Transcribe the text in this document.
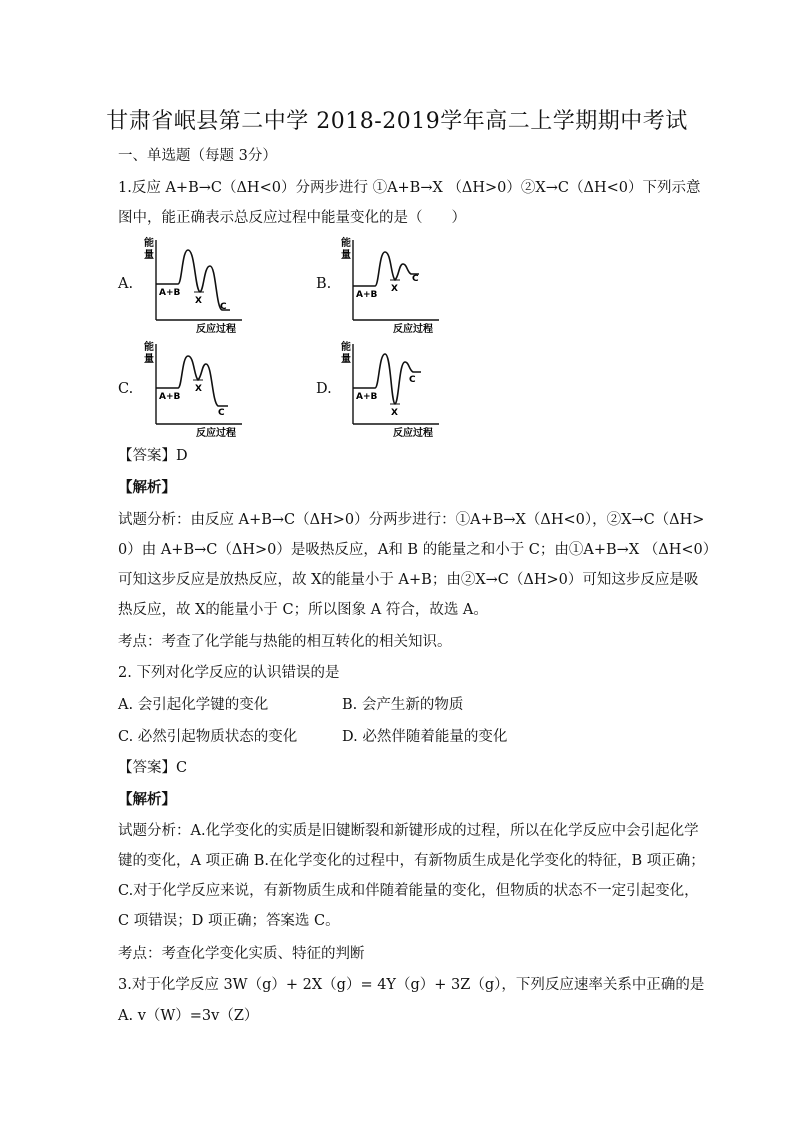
甘肃省岷县第二中学 2018-2019学年高二上学期期中考试
一、单选题（每题 3分）
1.反应 A+B→C（ΔH<0）分两步进行 ①A+B→X （ΔH>0）②X→C（ΔH<0）下列示意
图中，能正确表示总反应过程中能量变化的是（　　）
A.	B.
C.	D.
能
量
A+B
X
C
反应过程
能
量
A+B
X
C
反应过程
能
量
A+B
X
C
反应过程
能
量
A+B
X
C
反应过程
【答案】D
【解析】
试题分析：由反应 A+B→C（ΔH>0）分两步进行：①A+B→X（ΔH<0），②X→C（ΔH>
0）由 A+B→C（ΔH>0）是吸热反应，A和 B 的能量之和小于 C；由①A+B→X （ΔH<0）
可知这步反应是放热反应，故 X的能量小于 A+B；由②X→C（ΔH>0）可知这步反应是吸
热反应，故 X的能量小于 C；所以图象 A 符合，故选 A。
考点：考查了化学能与热能的相互转化的相关知识。
2. 下列对化学反应的认识错误的是
A. 会引起化学键的变化	B. 会产生新的物质
C. 必然引起物质状态的变化	D. 必然伴随着能量的变化
【答案】C
【解析】
试题分析：A.化学变化的实质是旧键断裂和新键形成的过程，所以在化学反应中会引起化学
键的变化，A 项正确 B.在化学变化的过程中，有新物质生成是化学变化的特征，B 项正确；
C.对于化学反应来说，有新物质生成和伴随着能量的变化，但物质的状态不一定引起变化，
C 项错误；D 项正确；答案选 C。
考点：考查化学变化实质、特征的判断
3.对于化学反应 3W（g）+ 2X（g）= 4Y（g）+ 3Z（g），下列反应速率关系中正确的是
A. v（W）=3v（Z）
